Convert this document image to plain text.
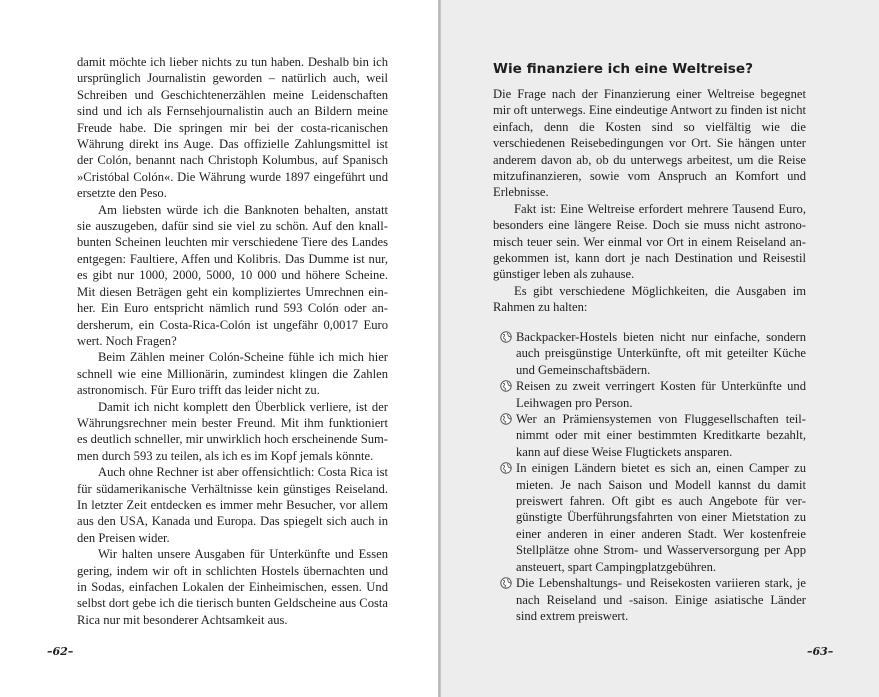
damit möchte ich lieber nichts zu tun haben. Deshalb bin ich ursprünglich Journalistin geworden – natürlich auch, weil Schreiben und Geschichtenerzählen meine Leidenschaften sind und ich als Fernsehjournalistin auch an Bildern meine Freude habe. Die springen mir bei der costa-ricanischen Währung direkt ins Auge. Das offizielle Zahlungsmittel ist der Colón, benannt nach Christoph Kolumbus, auf Spanisch »Cristóbal Colón«. Die Währung wurde 1897 eingeführt und ersetzte den Peso.

Am liebsten würde ich die Banknoten behalten, anstatt sie auszugeben, dafür sind sie viel zu schön. Auf den knallbunten Scheinen leuchten mir verschiedene Tiere des Landes entgegen: Faultiere, Affen und Kolibris. Das Dumme ist nur, es gibt nur 1000, 2000, 5000, 10 000 und höhere Scheine. Mit diesen Beträgen geht ein kompliziertes Umrechnen einher. Ein Euro entspricht nämlich rund 593 Colón oder andersherum, ein Costa-Rica-Colón ist ungefähr 0,0017 Euro wert. Noch Fragen?

Beim Zählen meiner Colón-Scheine fühle ich mich hier schnell wie eine Millionärin, zumindest klingen die Zahlen astronomisch. Für Euro trifft das leider nicht zu.

Damit ich nicht komplett den Überblick verliere, ist der Währungsrechner mein bester Freund. Mit ihm funktioniert es deutlich schneller, mir unwirklich hoch erscheinende Summen durch 593 zu teilen, als ich es im Kopf jemals könnte.

Auch ohne Rechner ist aber offensichtlich: Costa Rica ist für südamerikanische Verhältnisse kein günstiges Reiseland. In letzter Zeit entdecken es immer mehr Besucher, vor allem aus den USA, Kanada und Europa. Das spiegelt sich auch in den Preisen wider.

Wir halten unsere Ausgaben für Unterkünfte und Essen gering, indem wir oft in schlichten Hostels übernachten und in Sodas, einfachen Lokalen der Einheimischen, essen. Und selbst dort gebe ich die tierisch bunten Geldscheine aus Costa Rica nur mit besonderer Achtsamkeit aus.

–62–
Wie finanziere ich eine Weltreise?

Die Frage nach der Finanzierung einer Weltreise begegnet mir oft unterwegs. Eine eindeutige Antwort zu finden ist nicht einfach, denn die Kosten sind so vielfältig wie die verschiedenen Reisebedingungen vor Ort. Sie hängen unter anderem davon ab, ob du unterwegs arbeitest, um die Reise mitzufinanzieren, sowie vom Anspruch an Komfort und Erlebnisse.

Fakt ist: Eine Weltreise erfordert mehrere Tausend Euro, besonders eine längere Reise. Doch sie muss nicht astronomisch teuer sein. Wer einmal vor Ort in einem Reiseland angekommen ist, kann dort je nach Destination und Reisestil günstiger leben als zuhause.

Es gibt verschiedene Möglichkeiten, die Ausgaben im Rahmen zu halten:

Backpacker-Hostels bieten nicht nur einfache, sondern auch preisgünstige Unterkünfte, oft mit geteilter Küche und Gemeinschaftsbädern.
Reisen zu zweit verringert Kosten für Unterkünfte und Leihwagen pro Person.
Wer an Prämiensystemen von Fluggesellschaften teilnimmt oder mit einer bestimmten Kreditkarte bezahlt, kann auf diese Weise Flugtickets ansparen.
In einigen Ländern bietet es sich an, einen Camper zu mieten. Je nach Saison und Modell kannst du damit preiswert fahren. Oft gibt es auch Angebote für vergünstigte Überführungsfahrten von einer Mietstation zu einer anderen in einer anderen Stadt. Wer kostenfreie Stellplätze ohne Strom- und Wasserversorgung per App ansteuert, spart Campingplatzgebühren.
Die Lebenshaltungs- und Reisekosten variieren stark, je nach Reiseland und -saison. Einige asiatische Länder sind extrem preiswert.
–63–
